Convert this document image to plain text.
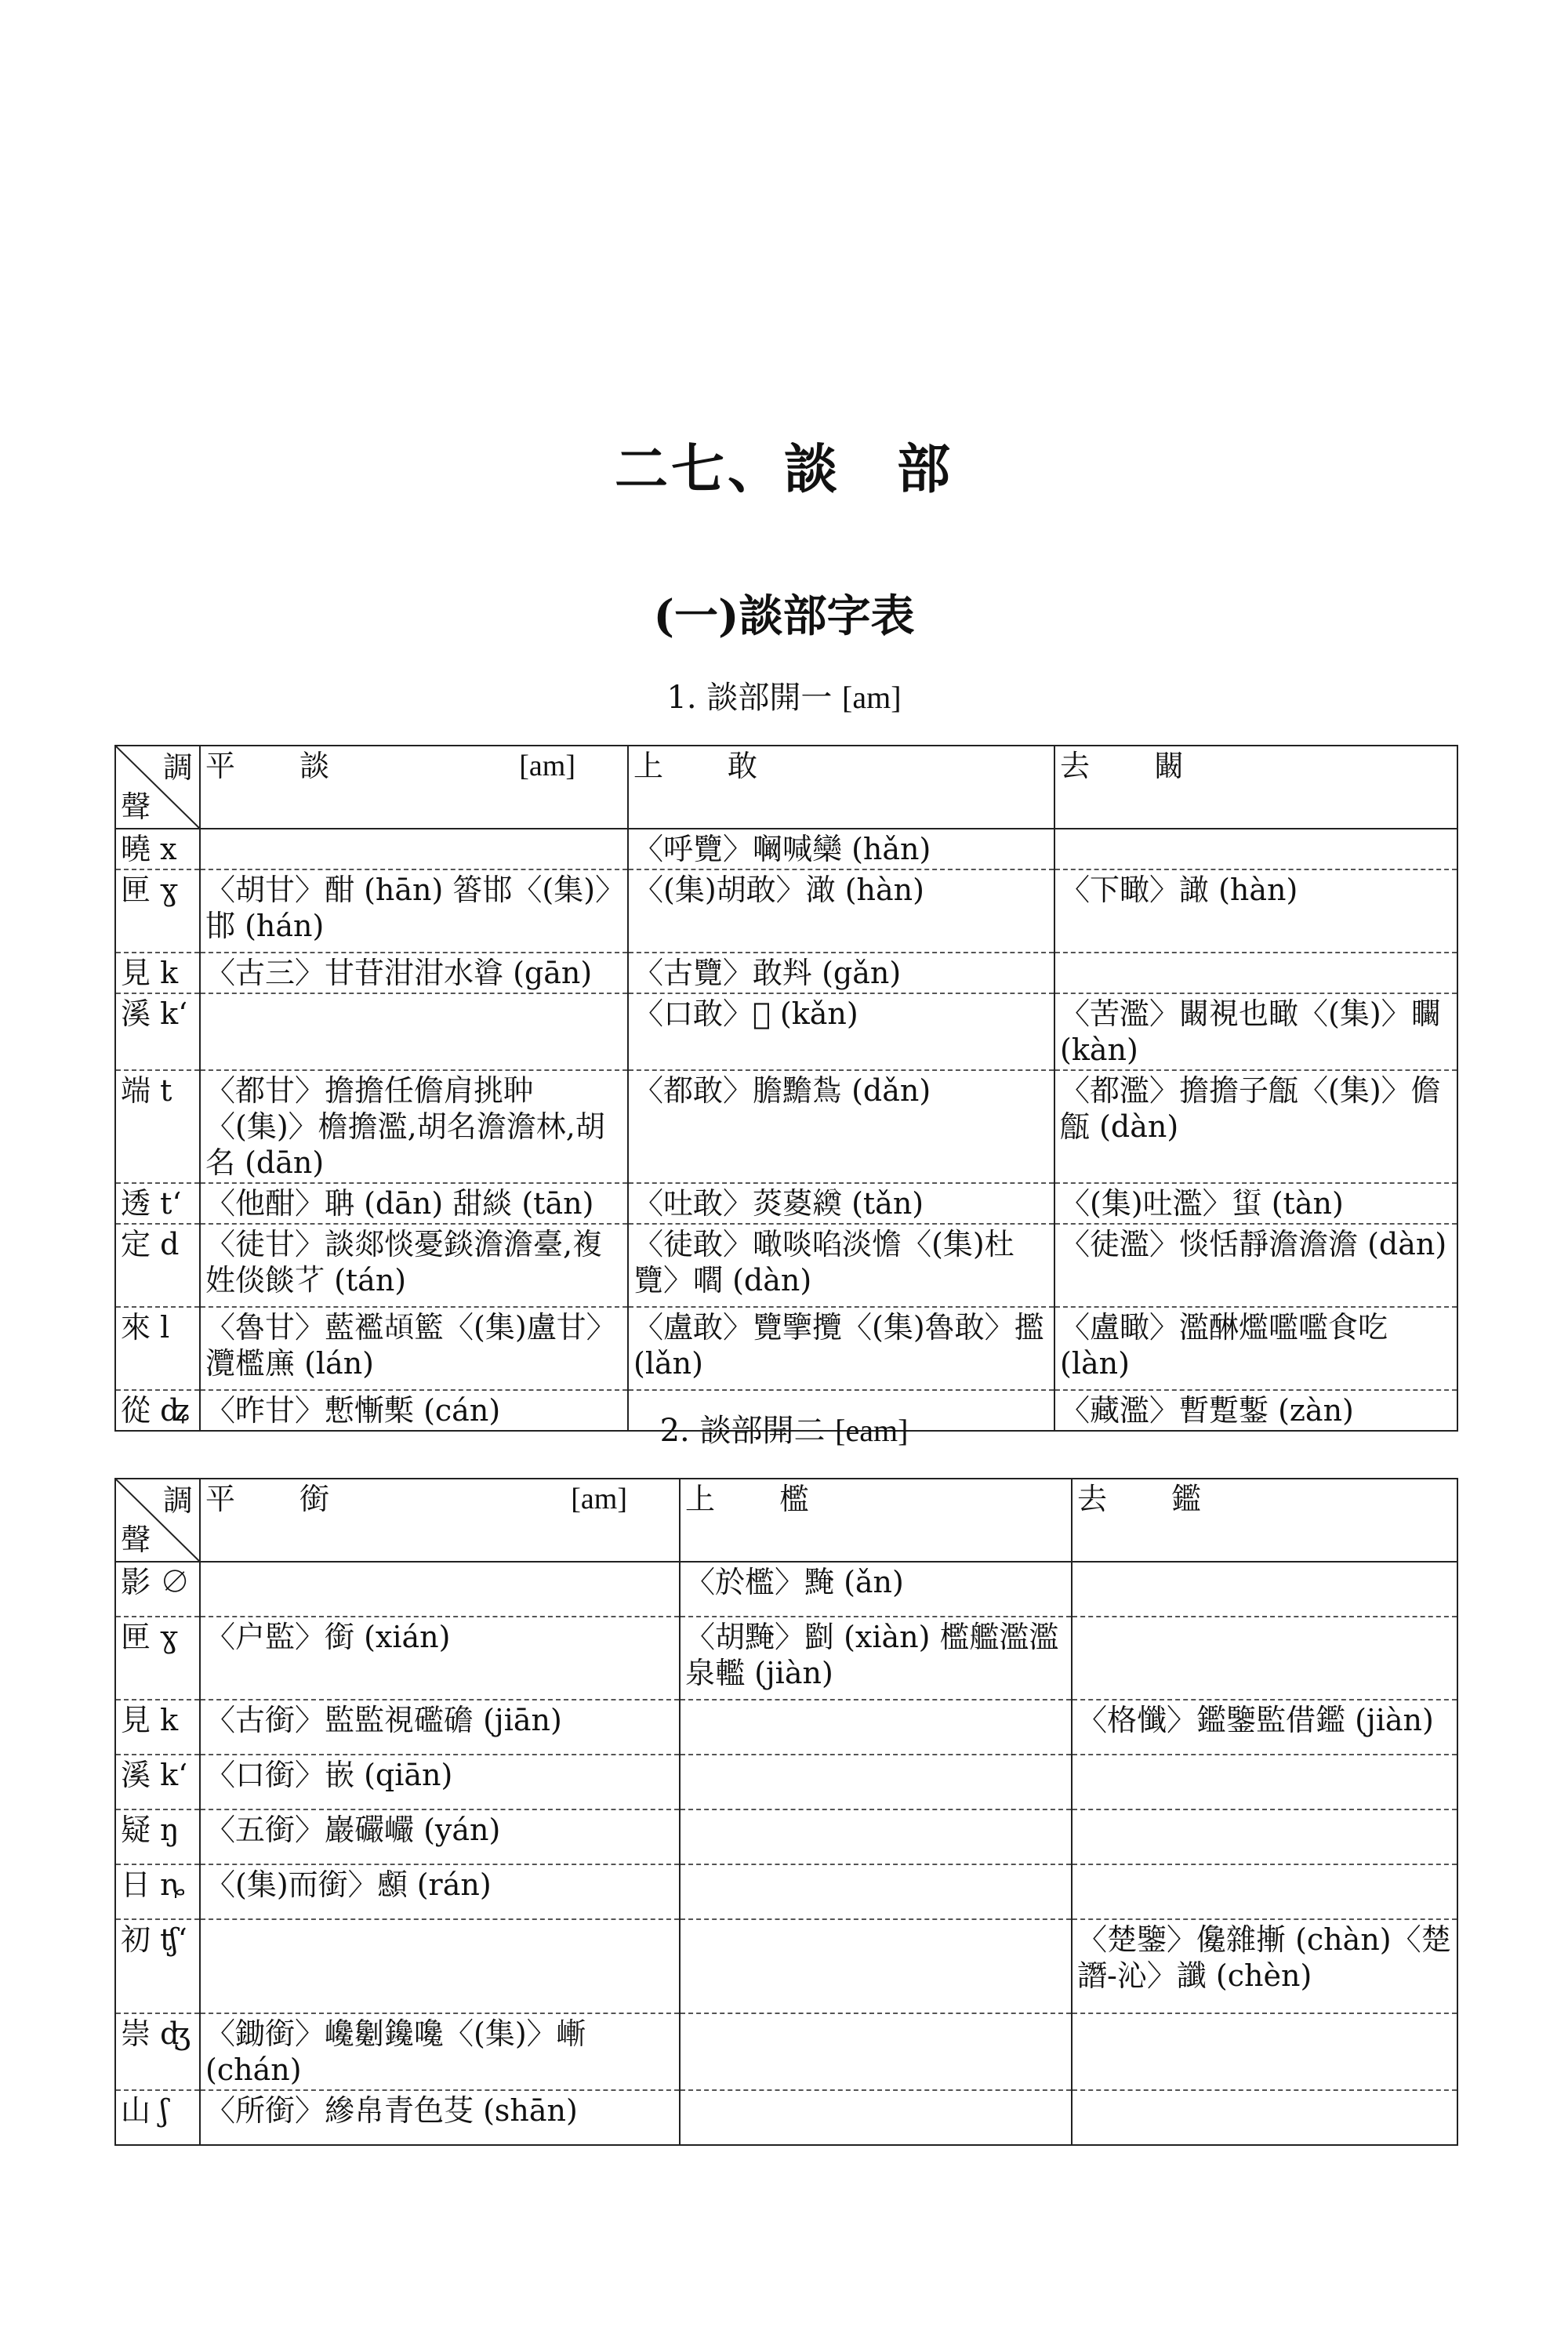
二七、談　部
(一)談部字表
1. 談部開一 [am]
調
聲	平 談 [am]	上 敢	去 闞

曉 x		〈呼覽〉㘎喊欒 (hǎn)	
匣 ɣ	〈胡甘〉酣 (hān) 䈋邯〈(集)〉邯 (hán)	〈(集)胡敢〉澉 (hàn)	〈下瞰〉譀 (hàn)
見 k	〈古三〉甘苷泔泔水㽏 (gān)	〈古覽〉敢㪵 (gǎn)	
溪 k‘		〈口敢〉𧆞 (kǎn)	〈苦濫〉闞視也瞰〈(集)〉矙 (kàn)
端 t	〈都甘〉擔擔任儋肩挑𦕏〈(集)〉檐擔濫,胡名澹澹林,胡名 (dān)	〈都敢〉膽黵𩿤 (dǎn)	〈都濫〉擔擔子甔〈(集)〉儋甔 (dàn)
透 t‘	〈他酣〉聃 (dān) 甜緂 (tān)	〈吐敢〉菼葼𦅆 (tǎn)	〈(集)吐濫〉𧍢 (tàn)
定 d	〈徒甘〉談郯惔憂錟澹澹臺,複姓倓餤𦫻 (tán)	〈徒敢〉噉啖啗淡憺〈(集)杜覽〉嚪 (dàn)	〈徒濫〉惔恬靜澹澹澹 (dàn)
來 l	〈魯甘〉藍襤𩑶籃〈(集)盧甘〉灠檻㢘 (lán)	〈盧敢〉覽擥攬〈(集)魯敢〉㩜 (lǎn)	〈盧瞰〉濫醂爁嚂嚂食吃 (làn)
從 ʥ	〈昨甘〉慙慚槧 (cán)		〈藏濫〉暫蹔鏨 (zàn)
2. 談部開二 [eam]
調
聲	平 銜 [am]	上 檻	去 鑑

影 ∅		〈於檻〉黤 (ǎn)	
匣 ɣ	〈户監〉銜 (xián)	〈胡黤〉㔋 (xiàn) 檻艦濫濫泉轞 (jiàn)	
見 k	〈古銜〉監監視礛䃫 (jiān)		〈格懺〉鑑鑒監借鑑 (jiàn)
溪 k‘	〈口銜〉嵌 (qiān)		
疑 ŋ	〈五銜〉巖礹巗 (yán)		
日 ȵ	〈(集)而銜〉䫲 (rán)		
初 ʧ‘			〈楚鑒〉儳雜摲 (chàn)〈楚譖-沁〉讖 (chèn)
崇 ʤ	〈鋤銜〉巉劖鑱嚵〈(集)〉嶃 (chán)		
山 ʃ	〈所銜〉縿帛青色芟 (shān)		
